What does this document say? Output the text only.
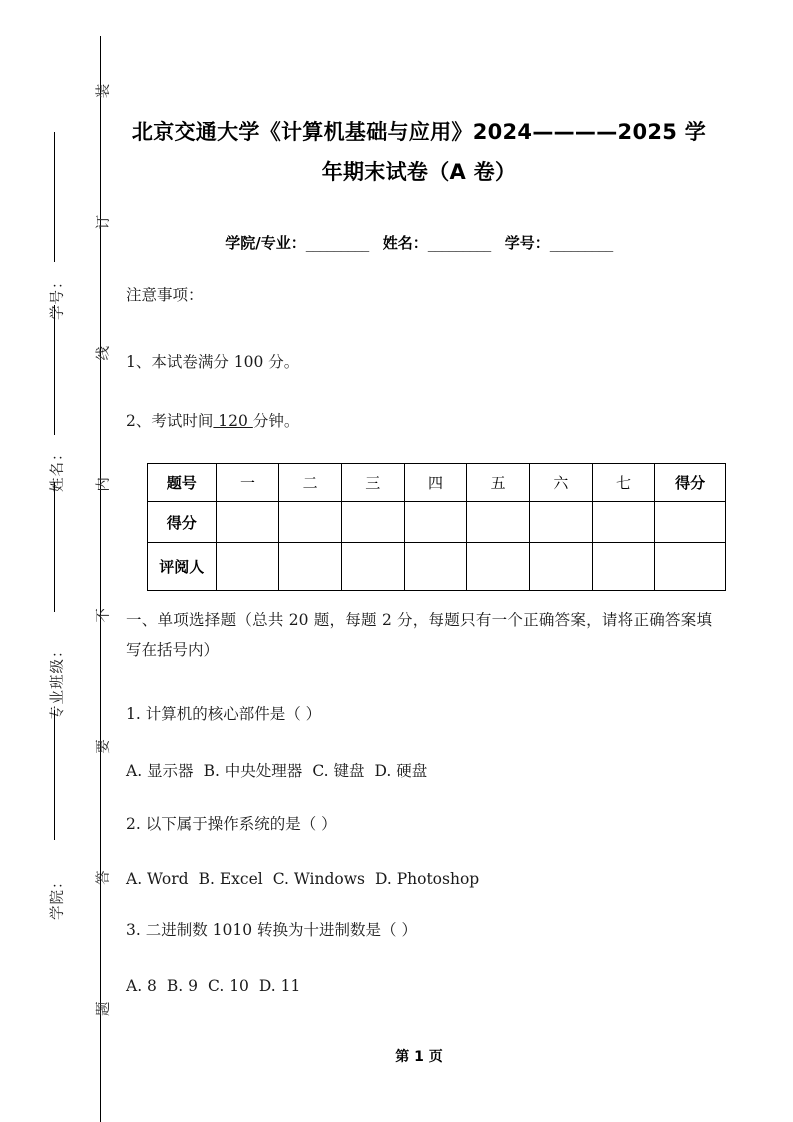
题 答 要 不 内 线 订 装
学号：
姓名：
专业班级：
学院：
北京交通大学《计算机基础与应用》2024————2025 学
年期末试卷（A 卷）
学院/专业：_________ 姓名：_________ 学号：_________
注意事项：
1、本试卷满分 100 分。
2、考试时间 120 分钟。
题号	一	二	三	四	五	六	七	得分
得分								
评阅人								
一、单项选择题（总共 20 题，每题 2 分，每题只有一个正确答案，请将正确答案填写在括号内）
1. 计算机的核心部件是（ ）
A. 显示器 B. 中央处理器 C. 键盘 D. 硬盘
2. 以下属于操作系统的是（ ）
A. Word B. Excel C. Windows D. Photoshop
3. 二进制数 1010 转换为十进制数是（ ）
A. 8 B. 9 C. 10 D. 11
第 1 页
